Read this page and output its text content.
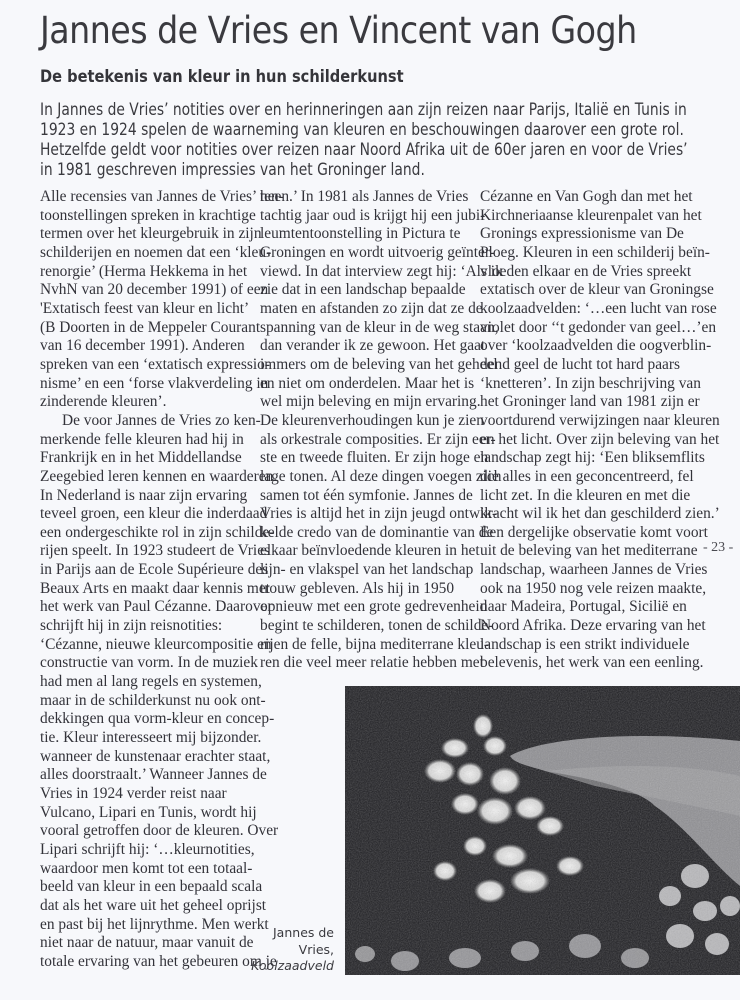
Jannes de Vries en Vincent van Gogh
De betekenis van kleur in hun schilderkunst
In Jannes de Vries’ notities over en herinneringen aan zijn reizen naar Parijs, Italië en Tunis in
1923 en 1924 spelen de waarneming van kleuren en beschouwingen daarover een grote rol.
Hetzelfde geldt voor notities over reizen naar Noord Afrika uit de 60er jaren en voor de Vries’
in 1981 geschreven impressies van het Groninger land.
Alle recensies van Jannes de Vries’ ten-
toonstellingen spreken in krachtige
termen over het kleurgebruik in zijn
schilderijen en noemen dat een ‘kleu-
renorgie’ (Herma Hekkema in het
NvhN van 20 december 1991) of een
'Extatisch feest van kleur en licht’
(B Doorten in de Meppeler Courant
van 16 december 1991). Anderen
spreken van een ‘extatisch expressio-
nisme’ en een ‘forse vlakverdeling in
zinderende kleuren’.
De voor Jannes de Vries zo ken-
merkende felle kleuren had hij in
Frankrijk en in het Middellandse
Zeegebied leren kennen en waarderen.
In Nederland is naar zijn ervaring
teveel groen, een kleur die inderdaad
een ondergeschikte rol in zijn schilde-
rijen speelt. In 1923 studeert de Vries
in Parijs aan de Ecole Supérieure des
Beaux Arts en maakt daar kennis met
het werk van Paul Cézanne. Daarover
schrijft hij in zijn reisnotities:
‘Cézanne, nieuwe kleurcompositie en
constructie van vorm. In de muziek
had men al lang regels en systemen,
maar in de schilderkunst nu ook ont-
dekkingen qua vorm-kleur en concep-
tie. Kleur interesseert mij bijzonder.
wanneer de kunstenaar erachter staat,
alles doorstraalt.’ Wanneer Jannes de
Vries in 1924 verder reist naar
Vulcano, Lipari en Tunis, wordt hij
vooral getroffen door de kleuren. Over
Lipari schrijft hij: ‘…kleurnotities,
waardoor men komt tot een totaal-
beeld van kleur in een bepaald scala
dat als het ware uit het geheel oprijst
en past bij het lijnrythme. Men werkt
niet naar de natuur, maar vanuit de
totale ervaring van het gebeuren om je
heen.’ In 1981 als Jannes de Vries
tachtig jaar oud is krijgt hij een jubi-
leumtentoonstelling in Pictura te
Groningen en wordt uitvoerig geïnter-
viewd. In dat interview zegt hij: ‘Als ik
zie dat in een landschap bepaalde
maten en afstanden zo zijn dat ze de
spanning van de kleur in de weg staan,
dan verander ik ze gewoon. Het gaat
immers om de beleving van het geheel
en niet om onderdelen. Maar het is
wel mijn beleving en mijn ervaring.
De kleurenverhoudingen kun je zien
als orkestrale composities. Er zijn eer-
ste en tweede fluiten. Er zijn hoge en
lage tonen. Al deze dingen voegen zich
samen tot één symfonie. Jannes de
Vries is altijd het in zijn jeugd ontwik-
kelde credo van de dominantie van de
elkaar beïnvloedende kleuren in het
lijn- en vlakspel van het landschap
trouw gebleven. Als hij in 1950
opnieuw met een grote gedrevenheid
begint te schilderen, tonen de schilde-
rijen de felle, bijna mediterrane kleu-
ren die veel meer relatie hebben met
Cézanne en Van Gogh dan met het
Kirchneriaanse kleurenpalet van het
Gronings expressionisme van De
Ploeg. Kleuren in een schilderij beïn-
vloeden elkaar en de Vries spreekt
extatisch over de kleur van Groningse
koolzaadvelden: ‘…een lucht van rose
violet door ‘‘t gedonder van geel…’en
over ‘koolzaadvelden die oogverblin-
dend geel de lucht tot hard paars
‘knetteren’. In zijn beschrijving van
het Groninger land van 1981 zijn er
voortdurend verwijzingen naar kleuren
en het licht. Over zijn beleving van het
landschap zegt hij: ‘Een bliksemflits
die alles in een geconcentreerd, fel
licht zet. In die kleuren en met die
kracht wil ik het dan geschilderd zien.’
Een dergelijke observatie komt voort
uit de beleving van het mediterrane
landschap, waarheen Jannes de Vries
ook na 1950 nog vele reizen maakte,
naar Madeira, Portugal, Sicilië en
Noord Afrika. Deze ervaring van het
landschap is een strikt individuele
belevenis, het werk van een eenling.
- 23 -
Jannes de
Vries,
Koolzaadveld
